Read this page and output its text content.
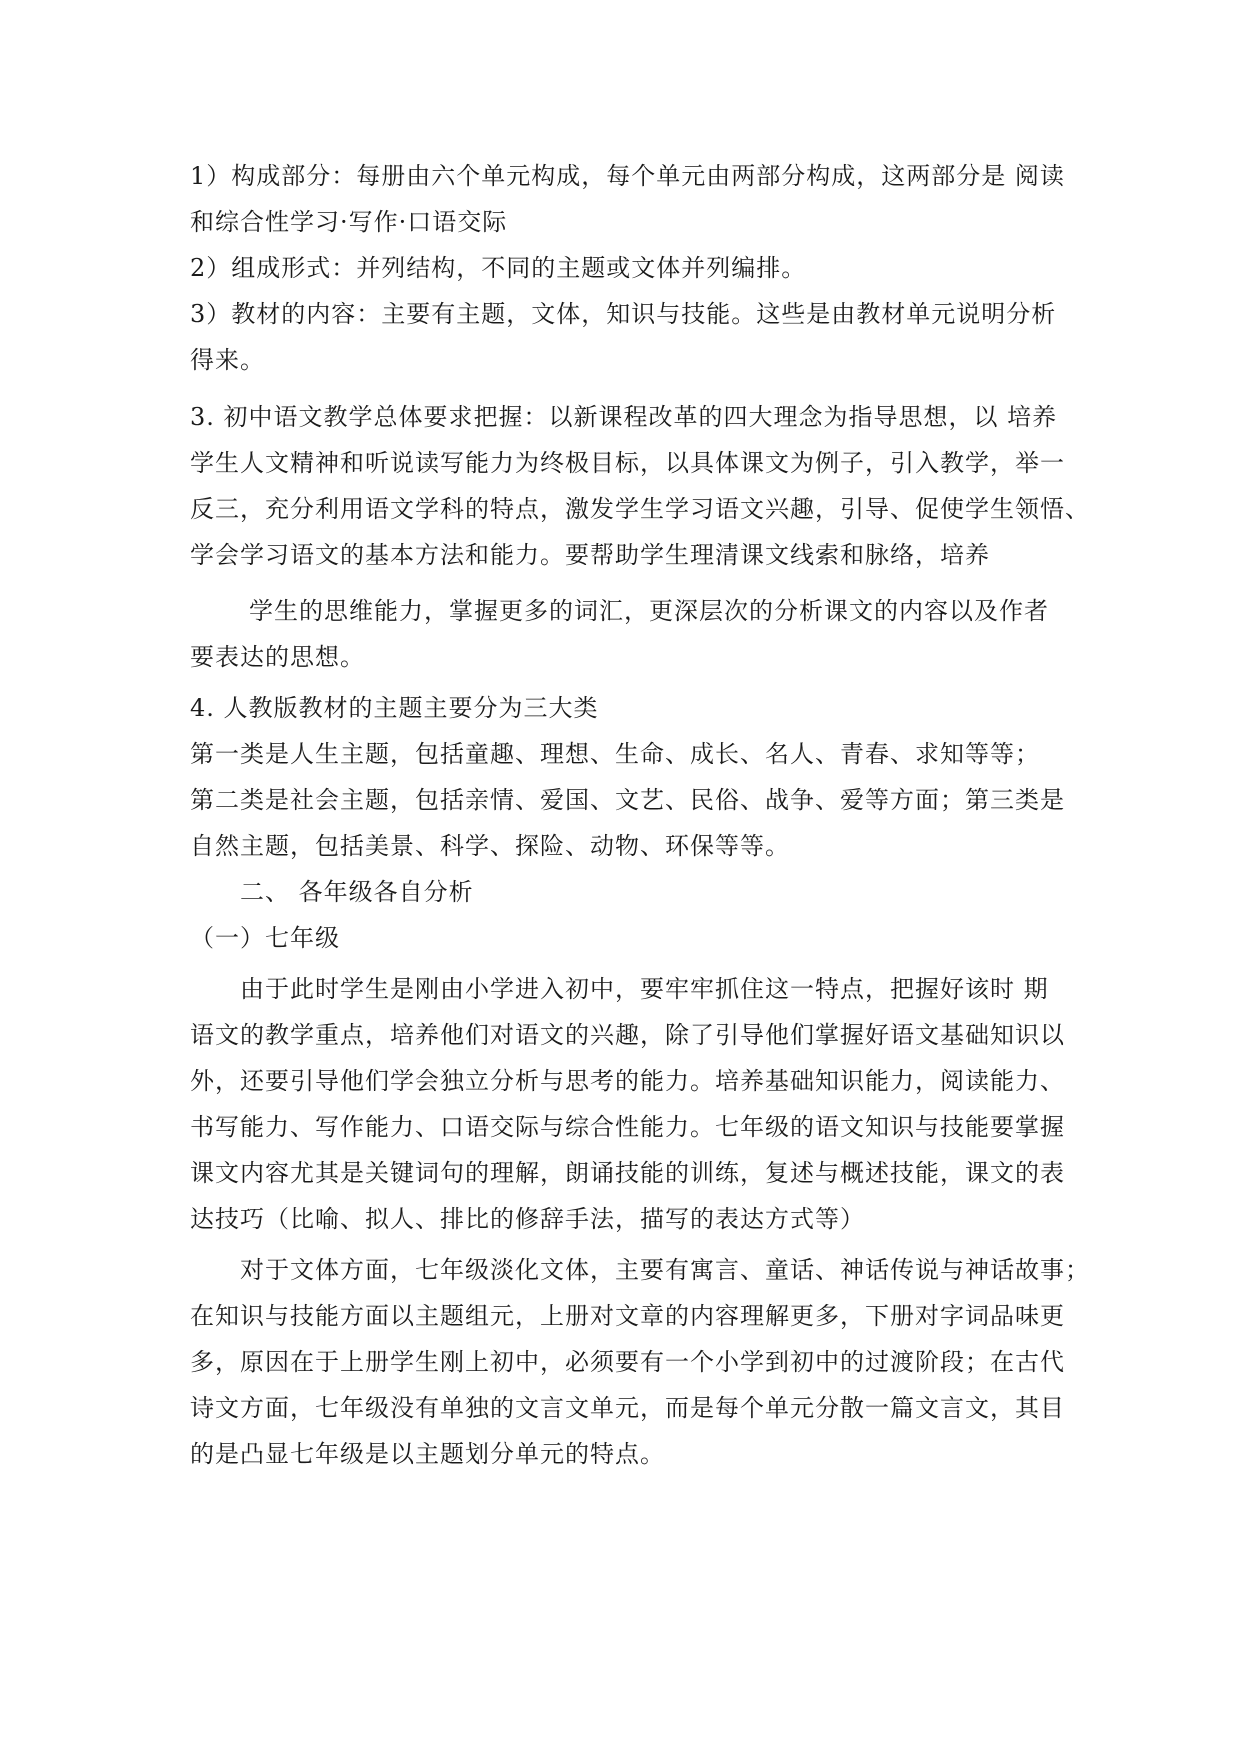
1）构成部分：每册由六个单元构成，每个单元由两部分构成，这两部分是 阅读

和综合性学习·写作·口语交际

2）组成形式：并列结构，不同的主题或文体并列编排。

3）教材的内容：主要有主题，文体，知识与技能。这些是由教材单元说明分析

得来。

3. 初中语文教学总体要求把握：以新课程改革的四大理念为指导思想，以 培养

学生人文精神和听说读写能力为终极目标，以具体课文为例子，引入教学，举一

反三，充分利用语文学科的特点，激发学生学习语文兴趣，引导、促使学生领悟、

学会学习语文的基本方法和能力。要帮助学生理清课文线索和脉络，培养

学生的思维能力，掌握更多的词汇，更深层次的分析课文的内容以及作者

要表达的思想。

4. 人教版教材的主题主要分为三大类

第一类是人生主题，包括童趣、理想、生命、成长、名人、青春、求知等等；

第二类是社会主题，包括亲情、爱国、文艺、民俗、战争、爱等方面；第三类是

自然主题，包括美景、科学、探险、动物、环保等等。

二、 各年级各自分析

（一）七年级

由于此时学生是刚由小学进入初中，要牢牢抓住这一特点，把握好该时 期

语文的教学重点，培养他们对语文的兴趣，除了引导他们掌握好语文基础知识以

外，还要引导他们学会独立分析与思考的能力。培养基础知识能力，阅读能力、

书写能力、写作能力、口语交际与综合性能力。七年级的语文知识与技能要掌握

课文内容尤其是关键词句的理解，朗诵技能的训练，复述与概述技能，课文的表

达技巧（比喻、拟人、排比的修辞手法，描写的表达方式等）

对于文体方面，七年级淡化文体，主要有寓言、童话、神话传说与神话故事；

在知识与技能方面以主题组元，上册对文章的内容理解更多，下册对字词品味更

多，原因在于上册学生刚上初中，必须要有一个小学到初中的过渡阶段；在古代

诗文方面，七年级没有单独的文言文单元，而是每个单元分散一篇文言文，其目

的是凸显七年级是以主题划分单元的特点。
